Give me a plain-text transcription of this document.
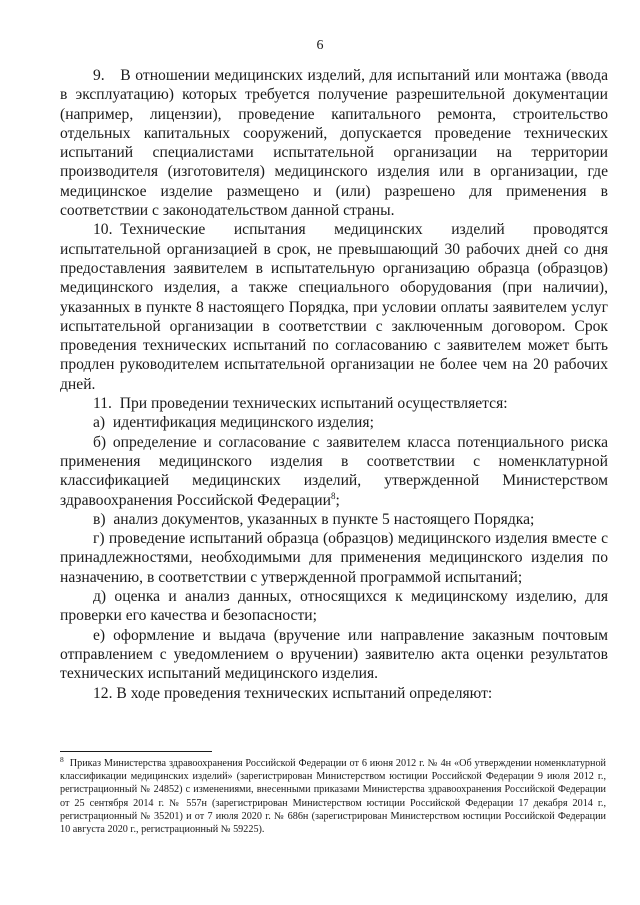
6

9. В отношении медицинских изделий, для испытаний или монтажа (ввода в эксплуатацию) которых требуется получение разрешительной документации (например, лицензии), проведение капитального ремонта, строительство отдельных капитальных сооружений, допускается проведение технических испытаний специалистами испытательной организации на территории производителя (изготовителя) медицинского изделия или в организации, где медицинское изделие размещено и (или) разрешено для применения в соответствии с законодательством данной страны.

10. Технические испытания медицинских изделий проводятся испытательной организацией в срок, не превышающий 30 рабочих дней со дня предоставления заявителем в испытательную организацию образца (образцов) медицинского изделия, а также специального оборудования (при наличии), указанных в пункте 8 настоящего Порядка, при условии оплаты заявителем услуг испытательной организации в соответствии с заключенным договором. Срок проведения технических испытаний по согласованию с заявителем может быть продлен руководителем испытательной организации не более чем на 20 рабочих дней.

11. При проведении технических испытаний осуществляется:

а) идентификация медицинского изделия;

б) определение и согласование с заявителем класса потенциального риска применения медицинского изделия в соответствии с номенклатурной классификацией медицинских изделий, утвержденной Министерством здравоохранения Российской Федерации$^8$;

в) анализ документов, указанных в пункте 5 настоящего Порядка;

г) проведение испытаний образца (образцов) медицинского изделия вместе с принадлежностями, необходимыми для применения медицинского изделия по назначению, в соответствии с утвержденной программой испытаний;

д) оценка и анализ данных, относящихся к медицинскому изделию, для проверки его качества и безопасности;

е) оформление и выдача (вручение или направление заказным почтовым отправлением с уведомлением о вручении) заявителю акта оценки результатов технических испытаний медицинского изделия.

12. В ходе проведения технических испытаний определяют:

$^8$ Приказ Министерства здравоохранения Российской Федерации от 6 июня 2012 г. № 4н «Об утверждении номенклатурной классификации медицинских изделий» (зарегистрирован Министерством юстиции Российской Федерации 9 июля 2012 г., регистрационный № 24852) с изменениями, внесенными приказами Министерства здравоохранения Российской Федерации от 25 сентября 2014 г. № 557н (зарегистрирован Министерством юстиции Российской Федерации 17 декабря 2014 г., регистрационный № 35201) и от 7 июля 2020 г. № 686н (зарегистрирован Министерством юстиции Российской Федерации 10 августа 2020 г., регистрационный № 59225).
